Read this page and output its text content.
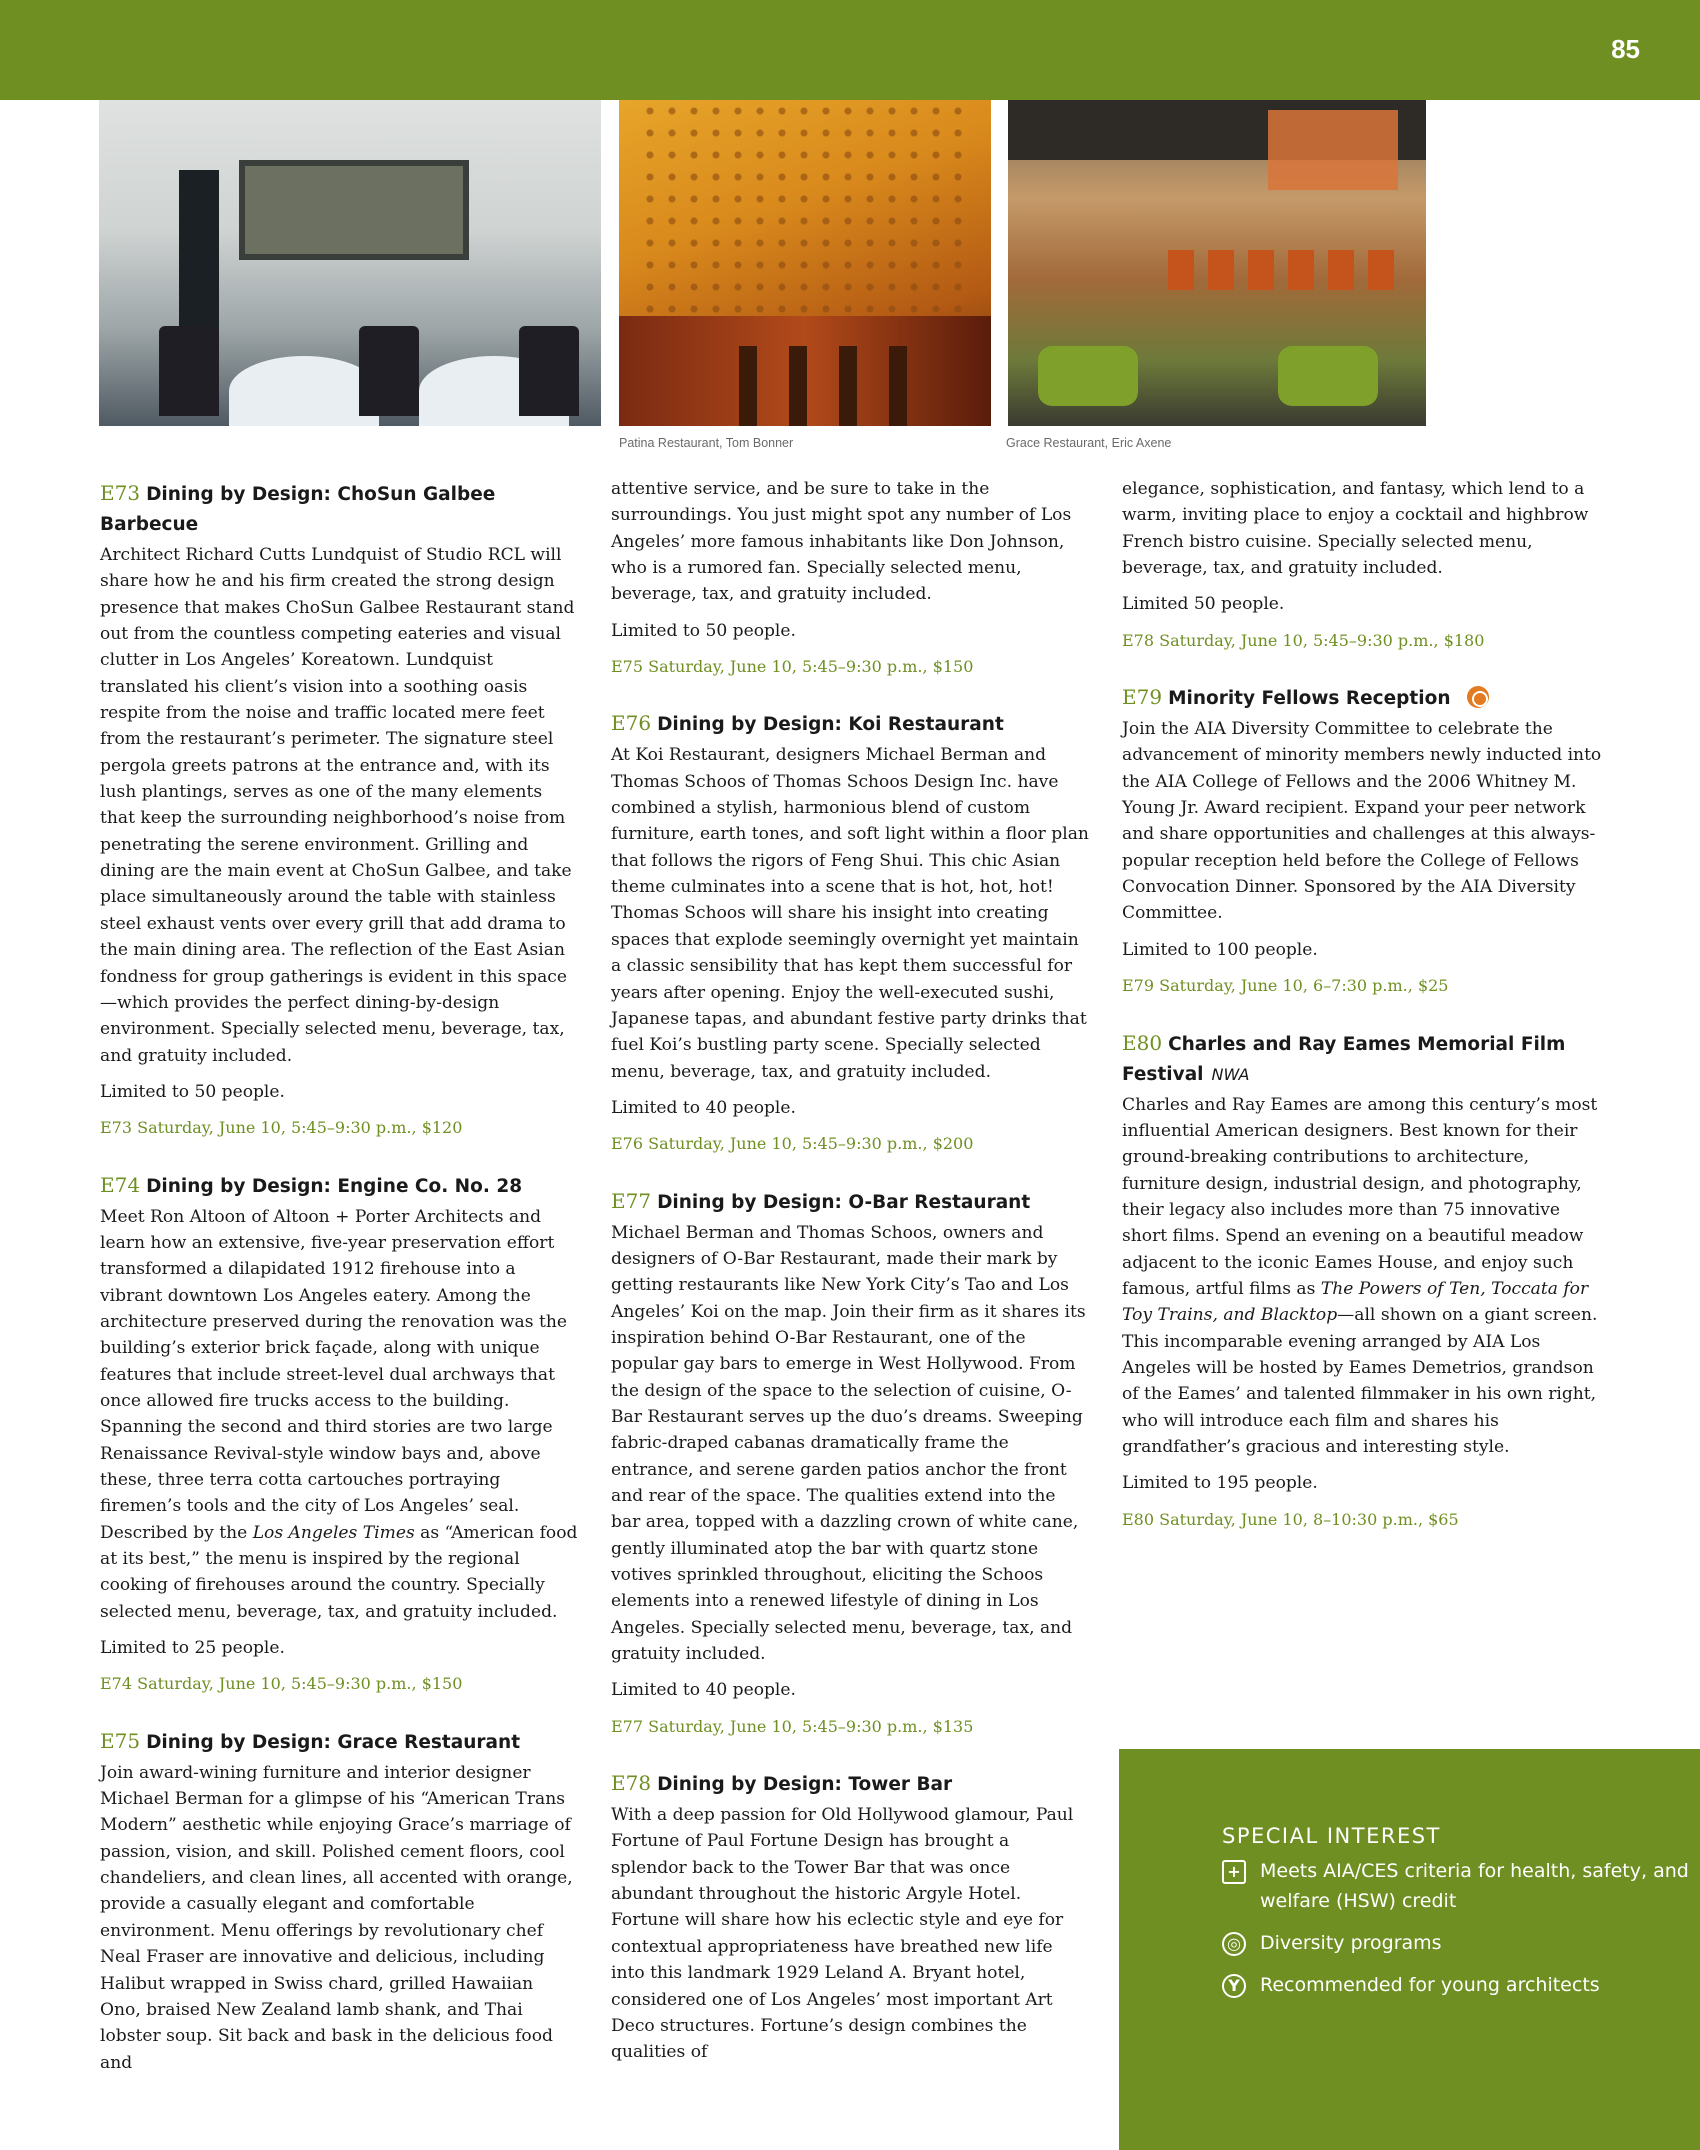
85
Patina Restaurant, Tom Bonner	Grace Restaurant, Eric Axene
E73 Dining by Design: ChoSun Galbee Barbecue

Architect Richard Cutts Lundquist of Studio RCL will share how he and his firm created the strong design presence that makes ChoSun Galbee Restaurant stand out from the countless competing eateries and visual clutter in Los Angeles’ Koreatown. Lundquist translated his client’s vision into a soothing oasis respite from the noise and traffic located mere feet from the restaurant’s perimeter. The signature steel pergola greets patrons at the entrance and, with its lush plantings, serves as one of the many elements that keep the surrounding neighborhood’s noise from penetrating the serene environment. Grilling and dining are the main event at ChoSun Galbee, and take place simultaneously around the table with stainless steel exhaust vents over every grill that add drama to the main dining area. The reflection of the East Asian fondness for group gatherings is evident in this space—which provides the perfect dining-by-design environment. Specially selected menu, beverage, tax, and gratuity included.

Limited to 50 people.

E73 Saturday, June 10, 5:45–9:30 p.m., $120

E74 Dining by Design: Engine Co. No. 28

Meet Ron Altoon of Altoon + Porter Architects and learn how an extensive, five-year preservation effort transformed a dilapidated 1912 firehouse into a vibrant downtown Los Angeles eatery. Among the architecture preserved during the renovation was the building’s exterior brick façade, along with unique features that include street-level dual archways that once allowed fire trucks access to the building. Spanning the second and third stories are two large Renaissance Revival-style window bays and, above these, three terra cotta cartouches portraying firemen’s tools and the city of Los Angeles’ seal. Described by the Los Angeles Times as “American food at its best,” the menu is inspired by the regional cooking of firehouses around the country. Specially selected menu, beverage, tax, and gratuity included.

Limited to 25 people.

E74 Saturday, June 10, 5:45–9:30 p.m., $150

E75 Dining by Design: Grace Restaurant

Join award-wining furniture and interior designer Michael Berman for a glimpse of his “American Trans Modern” aesthetic while enjoying Grace’s marriage of passion, vision, and skill. Polished cement floors, cool chandeliers, and clean lines, all accented with orange, provide a casually elegant and comfortable environment. Menu offerings by revolutionary chef Neal Fraser are innovative and delicious, including Halibut wrapped in Swiss chard, grilled Hawaiian Ono, braised New Zealand lamb shank, and Thai lobster soup. Sit back and bask in the delicious food and

attentive service, and be sure to take in the surroundings. You just might spot any number of Los Angeles’ more famous inhabitants like Don Johnson, who is a rumored fan. Specially selected menu, beverage, tax, and gratuity included.

Limited to 50 people.

E75 Saturday, June 10, 5:45–9:30 p.m., $150

E76 Dining by Design: Koi Restaurant

At Koi Restaurant, designers Michael Berman and Thomas Schoos of Thomas Schoos Design Inc. have combined a stylish, harmonious blend of custom furniture, earth tones, and soft light within a floor plan that follows the rigors of Feng Shui. This chic Asian theme culminates into a scene that is hot, hot, hot! Thomas Schoos will share his insight into creating spaces that explode seemingly overnight yet maintain a classic sensibility that has kept them successful for years after opening. Enjoy the well-executed sushi, Japanese tapas, and abundant festive party drinks that fuel Koi’s bustling party scene. Specially selected menu, beverage, tax, and gratuity included.

Limited to 40 people.

E76 Saturday, June 10, 5:45–9:30 p.m., $200

E77 Dining by Design: O-Bar Restaurant

Michael Berman and Thomas Schoos, owners and designers of O-Bar Restaurant, made their mark by getting restaurants like New York City’s Tao and Los Angeles’ Koi on the map. Join their firm as it shares its inspiration behind O-Bar Restaurant, one of the popular gay bars to emerge in West Hollywood. From the design of the space to the selection of cuisine, O-Bar Restaurant serves up the duo’s dreams. Sweeping fabric-draped cabanas dramatically frame the entrance, and serene garden patios anchor the front and rear of the space. The qualities extend into the bar area, topped with a dazzling crown of white cane, gently illuminated atop the bar with quartz stone votives sprinkled throughout, eliciting the Schoos elements into a renewed lifestyle of dining in Los Angeles. Specially selected menu, beverage, tax, and gratuity included.

Limited to 40 people.

E77 Saturday, June 10, 5:45–9:30 p.m., $135

E78 Dining by Design: Tower Bar

With a deep passion for Old Hollywood glamour, Paul Fortune of Paul Fortune Design has brought a splendor back to the Tower Bar that was once abundant throughout the historic Argyle Hotel. Fortune will share how his eclectic style and eye for contextual appropriateness have breathed new life into this landmark 1929 Leland A. Bryant hotel, considered one of Los Angeles’ most important Art Deco structures. Fortune’s design combines the qualities of

elegance, sophistication, and fantasy, which lend to a warm, inviting place to enjoy a cocktail and highbrow French bistro cuisine. Specially selected menu, beverage, tax, and gratuity included.

Limited 50 people.

E78 Saturday, June 10, 5:45–9:30 p.m., $180

E79 Minority Fellows Reception

Join the AIA Diversity Committee to celebrate the advancement of minority members newly inducted into the AIA College of Fellows and the 2006 Whitney M. Young Jr. Award recipient. Expand your peer network and share opportunities and challenges at this always-popular reception held before the College of Fellows Convocation Dinner. Sponsored by the AIA Diversity Committee.

Limited to 100 people.

E79 Saturday, June 10, 6–7:30 p.m., $25

E80 Charles and Ray Eames Memorial Film Festival NWA

Charles and Ray Eames are among this century’s most influential American designers. Best known for their ground-breaking contributions to architecture, furniture design, industrial design, and photography, their legacy also includes more than 75 innovative short films. Spend an evening on a beautiful meadow adjacent to the iconic Eames House, and enjoy such famous, artful films as The Powers of Ten, Toccata for Toy Trains, and Blacktop—all shown on a giant screen. This incomparable evening arranged by AIA Los Angeles will be hosted by Eames Demetrios, grandson of the Eames’ and talented filmmaker in his own right, who will introduce each film and shares his grandfather’s gracious and interesting style.

Limited to 195 people.

E80 Saturday, June 10, 8–10:30 p.m., $65

SPECIAL INTEREST
+ Meets AIA/CES criteria for health, safety, and welfare (HSW) credit
◎ Diversity programs
Y	Recommended for young architects
